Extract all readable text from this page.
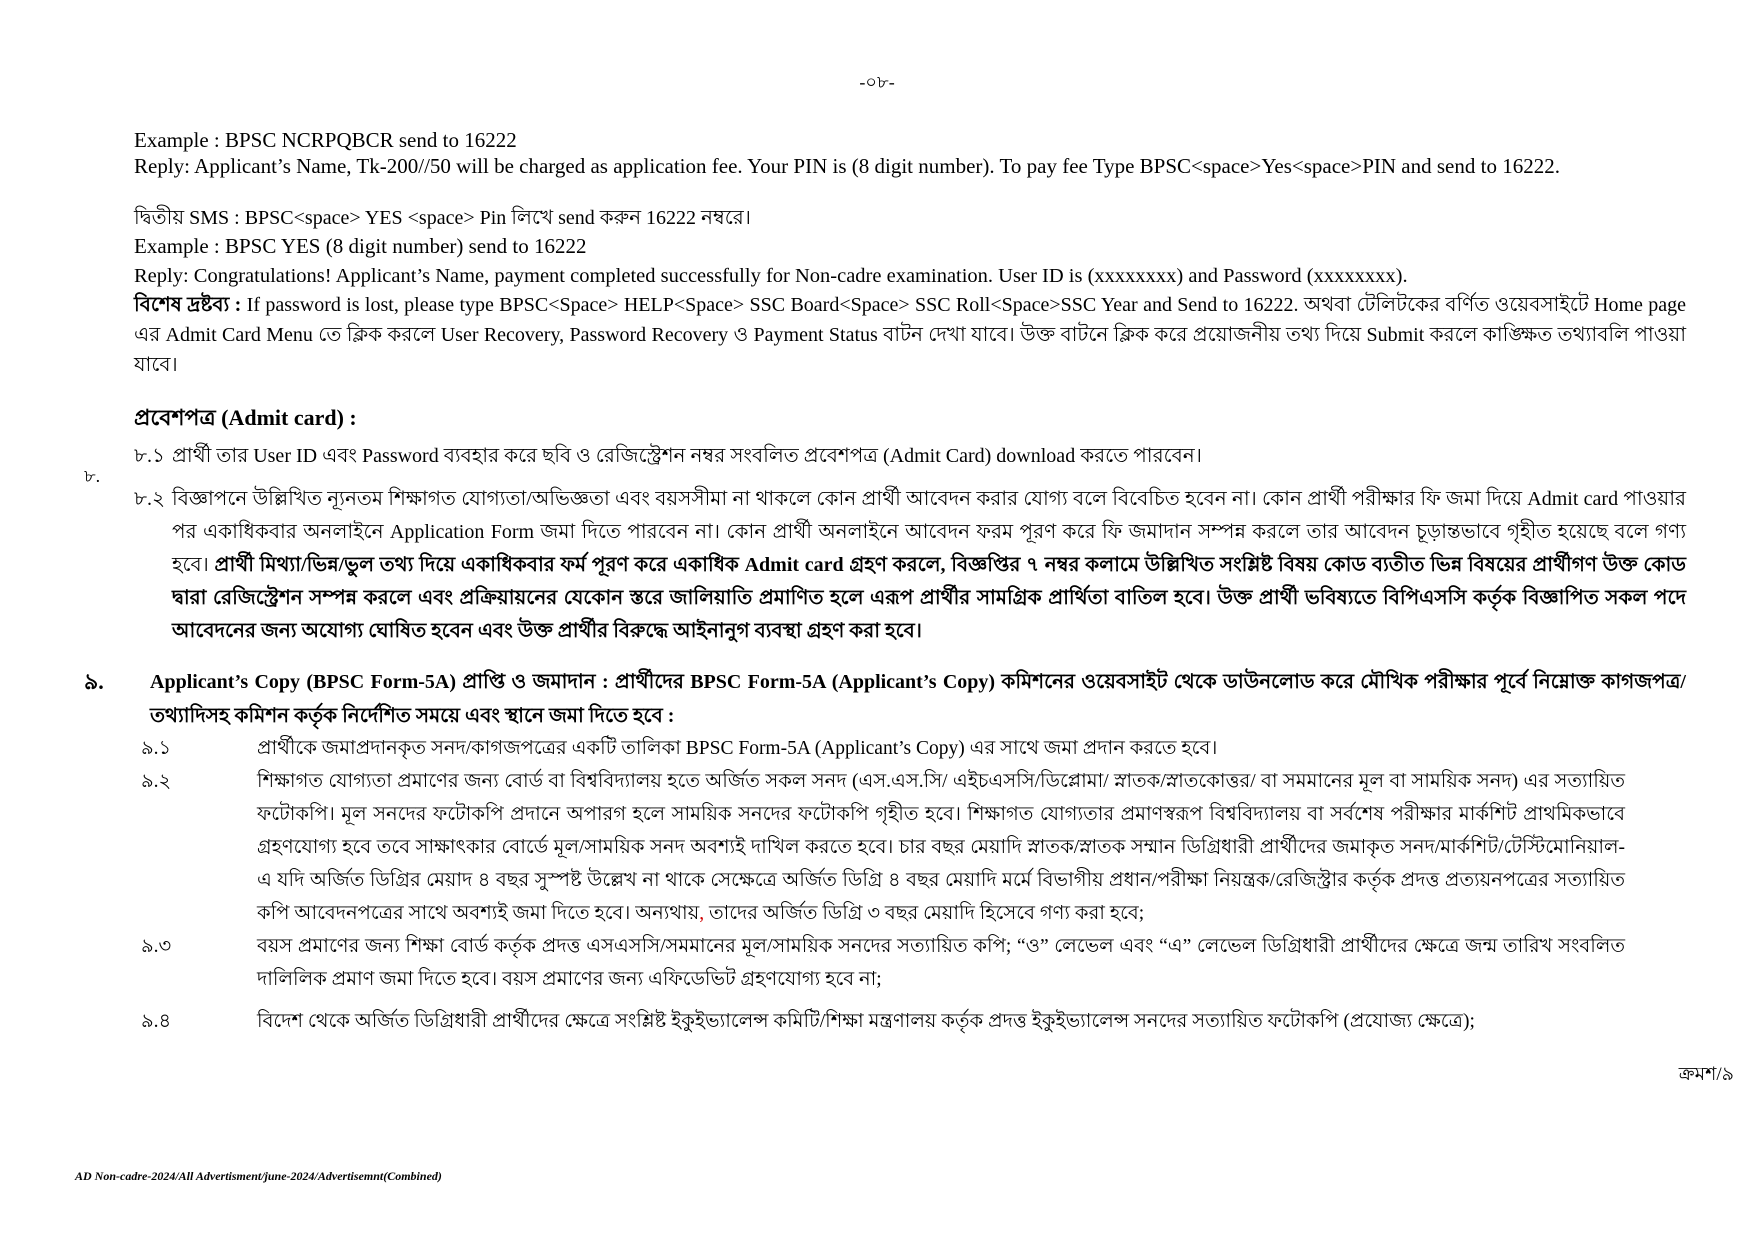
-০৮-
Example : BPSC NCRPQBCR send to 16222
Reply: Applicant’s Name, Tk-200//50 will be charged as application fee. Your PIN is (8 digit number). To pay fee Type BPSC<space>Yes<space>PIN and send to 16222.
দ্বিতীয় SMS : BPSC<space> YES <space> Pin লিখে send করুন 16222 নম্বরে।
Example : BPSC YES (8 digit number) send to 16222
Reply: Congratulations! Applicant’s Name, payment completed successfully for Non-cadre examination. User ID is (xxxxxxxx) and Password (xxxxxxxx).
বিশেষ দ্রষ্টব্য : If password is lost, please type BPSC<Space> HELP<Space> SSC Board<Space> SSC Roll<Space>SSC Year and Send to 16222. অথবা টেলিটকের বর্ণিত ওয়েবসাইটে Home page এর Admit Card Menu তে ক্লিক করলে User Recovery, Password Recovery ও Payment Status বাটন দেখা যাবে। উক্ত বাটনে ক্লিক করে প্রয়োজনীয় তথ্য দিয়ে Submit করলে কাঙ্ক্ষিত তথ্যাবলি পাওয়া যাবে।
প্রবেশপত্র (Admit card) :
৮.
৮.১ প্রার্থী তার User ID এবং Password ব্যবহার করে ছবি ও রেজিস্ট্রেশন নম্বর সংবলিত প্রবেশপত্র (Admit Card) download করতে পারবেন।
৮.২ বিজ্ঞাপনে উল্লিখিত ন্যূনতম শিক্ষাগত যোগ্যতা/অভিজ্ঞতা এবং বয়সসীমা না থাকলে কোন প্রার্থী আবেদন করার যোগ্য বলে বিবেচিত হবেন না। কোন প্রার্থী পরীক্ষার ফি জমা দিয়ে Admit card পাওয়ার পর একাধিকবার অনলাইনে Application Form জমা দিতে পারবেন না। কোন প্রার্থী অনলাইনে আবেদন ফরম পূরণ করে ফি জমাদান সম্পন্ন করলে তার আবেদন চূড়ান্তভাবে গৃহীত হয়েছে বলে গণ্য হবে। প্রার্থী মিথ্যা/ভিন্ন/ভুল তথ্য দিয়ে একাধিকবার ফর্ম পূরণ করে একাধিক Admit card গ্রহণ করলে, বিজ্ঞপ্তির ৭ নম্বর কলামে উল্লিখিত সংশ্লিষ্ট বিষয় কোড ব্যতীত ভিন্ন বিষয়ের প্রার্থীগণ উক্ত কোড দ্বারা রেজিস্ট্রেশন সম্পন্ন করলে এবং প্রক্রিয়ায়নের যেকোন স্তরে জালিয়াতি প্রমাণিত হলে এরূপ প্রার্থীর সামগ্রিক প্রার্থিতা বাতিল হবে। উক্ত প্রার্থী ভবিষ্যতে বিপিএসসি কর্তৃক বিজ্ঞাপিত সকল পদে আবেদনের জন্য অযোগ্য ঘোষিত হবেন এবং উক্ত প্রার্থীর বিরুদ্ধে আইনানুগ ব্যবস্থা গ্রহণ করা হবে।
৯.	Applicant’s Copy (BPSC Form-5A) প্রাপ্তি ও জমাদান : প্রার্থীদের BPSC Form-5A (Applicant’s Copy) কমিশনের ওয়েবসাইট থেকে ডাউনলোড করে মৌখিক পরীক্ষার পূর্বে নিম্নোক্ত কাগজপত্র/তথ্যাদিসহ কমিশন কর্তৃক নির্দেশিত সময়ে এবং স্থানে জমা দিতে হবে :
৯.১	প্রার্থীকে জমাপ্রদানকৃত সনদ/কাগজপত্রের একটি তালিকা BPSC Form-5A (Applicant’s Copy) এর সাথে জমা প্রদান করতে হবে।
৯.২	শিক্ষাগত যোগ্যতা প্রমাণের জন্য বোর্ড বা বিশ্ববিদ্যালয় হতে অর্জিত সকল সনদ (এস.এস.সি/ এইচএসসি/ডিপ্লোমা/ স্নাতক/স্নাতকোত্তর/ বা সমমানের মূল বা সাময়িক সনদ) এর সত্যায়িত ফটোকপি। মূল সনদের ফটোকপি প্রদানে অপারগ হলে সাময়িক সনদের ফটোকপি গৃহীত হবে। শিক্ষাগত যোগ্যতার প্রমাণস্বরূপ বিশ্ববিদ্যালয় বা সর্বশেষ পরীক্ষার মার্কশিট প্রাথমিকভাবে গ্রহণযোগ্য হবে তবে সাক্ষাৎকার বোর্ডে মূল/সাময়িক সনদ অবশ্যই দাখিল করতে হবে। চার বছর মেয়াদি স্নাতক/স্নাতক সম্মান ডিগ্রিধারী প্রার্থীদের জমাকৃত সনদ/মার্কশিট/টেস্টিমোনিয়াল-এ যদি অর্জিত ডিগ্রির মেয়াদ ৪ বছর সুস্পষ্ট উল্লেখ না থাকে সেক্ষেত্রে অর্জিত ডিগ্রি ৪ বছর মেয়াদি মর্মে বিভাগীয় প্রধান/পরীক্ষা নিয়ন্ত্রক/রেজিস্ট্রার কর্তৃক প্রদত্ত প্রত্যয়নপত্রের সত্যায়িত কপি আবেদনপত্রের সাথে অবশ্যই জমা দিতে হবে। অন্যথায়, তাদের অর্জিত ডিগ্রি ৩ বছর মেয়াদি হিসেবে গণ্য করা হবে;
৯.৩	বয়স প্রমাণের জন্য শিক্ষা বোর্ড কর্তৃক প্রদত্ত এসএসসি/সমমানের মূল/সাময়িক সনদের সত্যায়িত কপি; “ও” লেভেল এবং “এ” লেভেল ডিগ্রিধারী প্রার্থীদের ক্ষেত্রে জন্ম তারিখ সংবলিত দালিলিক প্রমাণ জমা দিতে হবে। বয়স প্রমাণের জন্য এফিডেভিট গ্রহণযোগ্য হবে না;
৯.৪	বিদেশ থেকে অর্জিত ডিগ্রিধারী প্রার্থীদের ক্ষেত্রে সংশ্লিষ্ট ইকুইভ্যালেন্স কমিটি/শিক্ষা মন্ত্রণালয় কর্তৃক প্রদত্ত ইকুইভ্যালেন্স সনদের সত্যায়িত ফটোকপি (প্রযোজ্য ক্ষেত্রে);
ক্রমশ/৯
AD Non-cadre-2024/All Advertisment/june-2024/Advertisemnt(Combined)
